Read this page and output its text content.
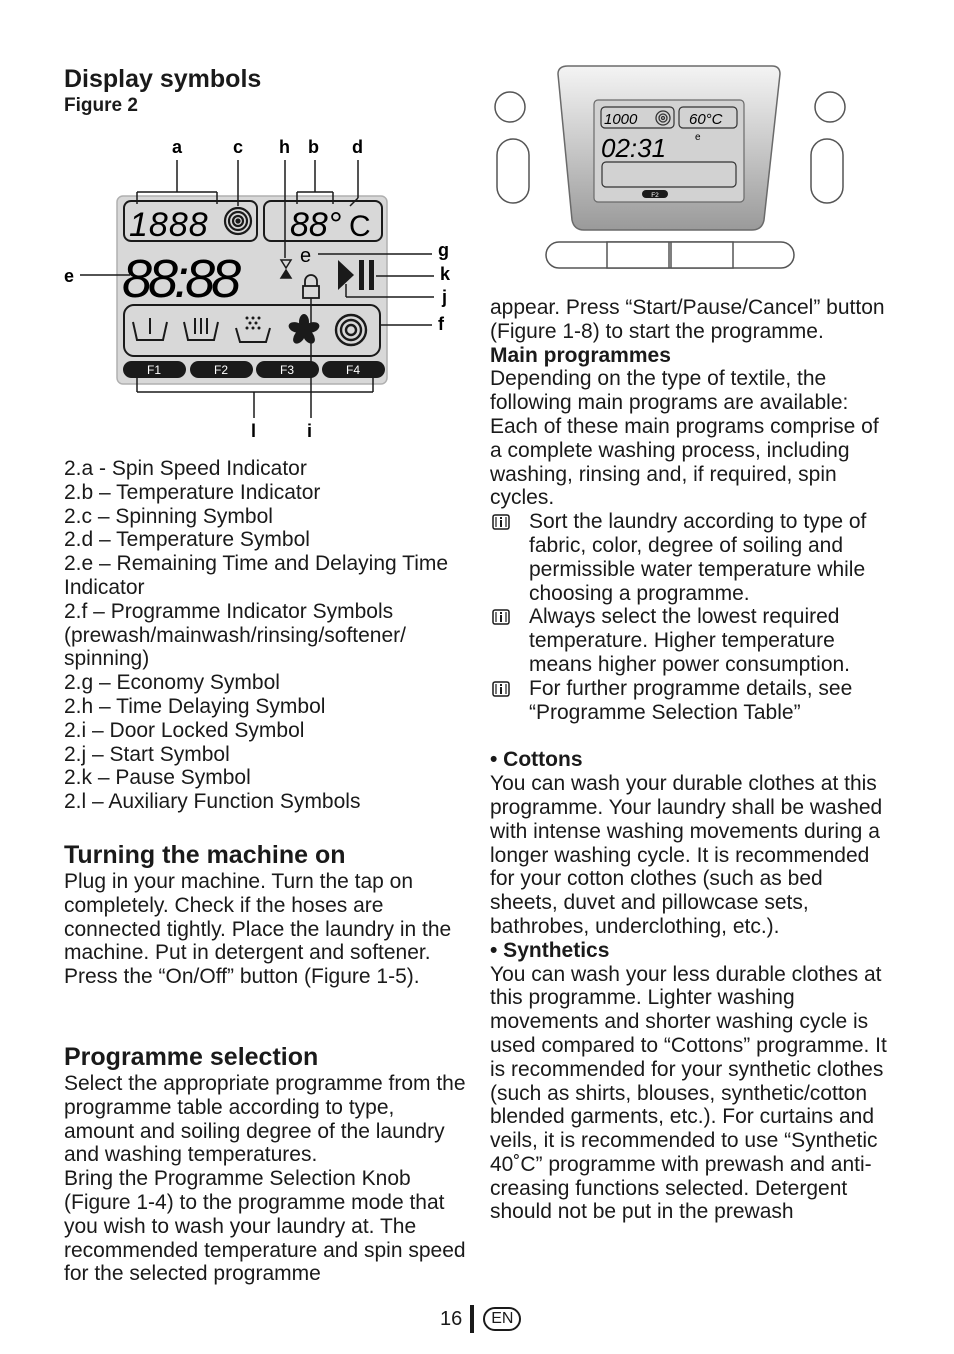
Display symbols

Figure 2

a	c h b d
e
g
k
j
f
l	i
1888 88° C
88:88	e
F1	F2	F3	F4
2.a - Spin Speed Indicator
2.b – Temperature Indicator
2.c – Spinning Symbol
2.d – Temperature Symbol
2.e – Remaining Time and Delaying Time Indicator
2.f – Programme Indicator Symbols (prewash/mainwash/rinsing/softener/ spinning)
2.g – Economy Symbol
2.h – Time Delaying Symbol
2.i – Door Locked Symbol
2.j – Start Symbol
2.k – Pause Symbol
2.l – Auxiliary Function Symbols
Turning the machine on

Plug in your machine. Turn the tap on completely. Check if the hoses are connected tightly. Place the laundry in the machine. Put in detergent and softener. Press the “On/Off” button (Figure 1-5).

Programme selection

Select the appropriate programme from the programme table according to type, amount and soiling degree of the laundry and washing temperatures.

Bring the Programme Selection Knob (Figure 1-4) to the programme mode that you wish to wash your laundry at. The recommended temperature and spin speed for the selected programme

1000	60°C
02:31	e
F2

appear. Press “Start/Pause/Cancel” button (Figure 1-8) to start the programme.

Main programmes

Depending on the type of textile, the following main programs are available: Each of these main programs comprise of a complete washing process, including washing, rinsing and, if required, spin cycles.

Sort the laundry according to type of fabric, color, degree of soiling and permissible water temperature while choosing a programme.
Always select the lowest required temperature. Higher temperature means higher power consumption.
For further programme details, see “Programme Selection Table”

• Cottons

You can wash your durable clothes at this programme. Your laundry shall be washed with intense washing movements during a longer washing cycle. It is recommended for your cotton clothes (such as bed sheets, duvet and pillowcase sets, bathrobes, underclothing, etc.).

• Synthetics

You can wash your less durable clothes at this programme. Lighter washing movements and shorter washing cycle is used compared to “Cottons” programme. It is recommended for your synthetic clothes (such as shirts, blouses, synthetic/cotton blended garments, etc.). For curtains and veils, it is recommended to use “Synthetic 40˚C” programme with prewash and anti-creasing functions selected. Detergent should not be put in the prewash

16	EN
